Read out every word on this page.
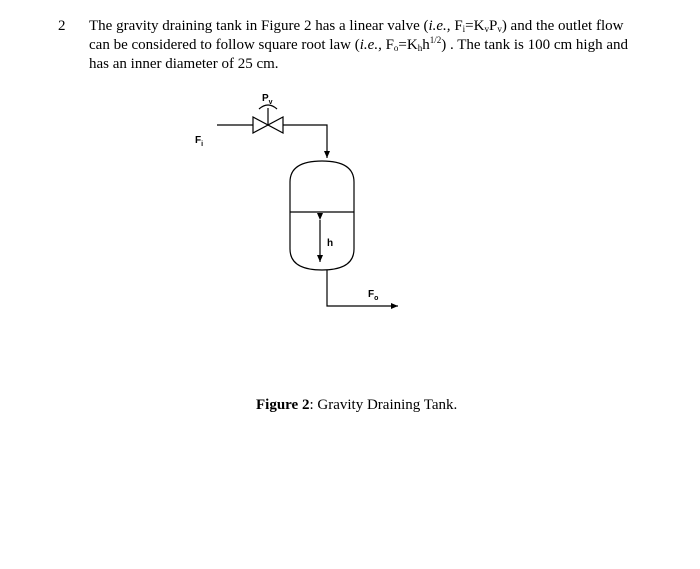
2 The gravity draining tank in Figure 2 has a linear valve (i.e., $F_i=K_vP_v$) and the outlet flow
can be considered to follow square root law (i.e., $F_o=K_hh^{1/2}$) . The tank is 100 cm high and
has an inner diameter of 25 cm.
$P_v$
$F_i$
h
$F_o$
Figure 2: Gravity Draining Tank.
